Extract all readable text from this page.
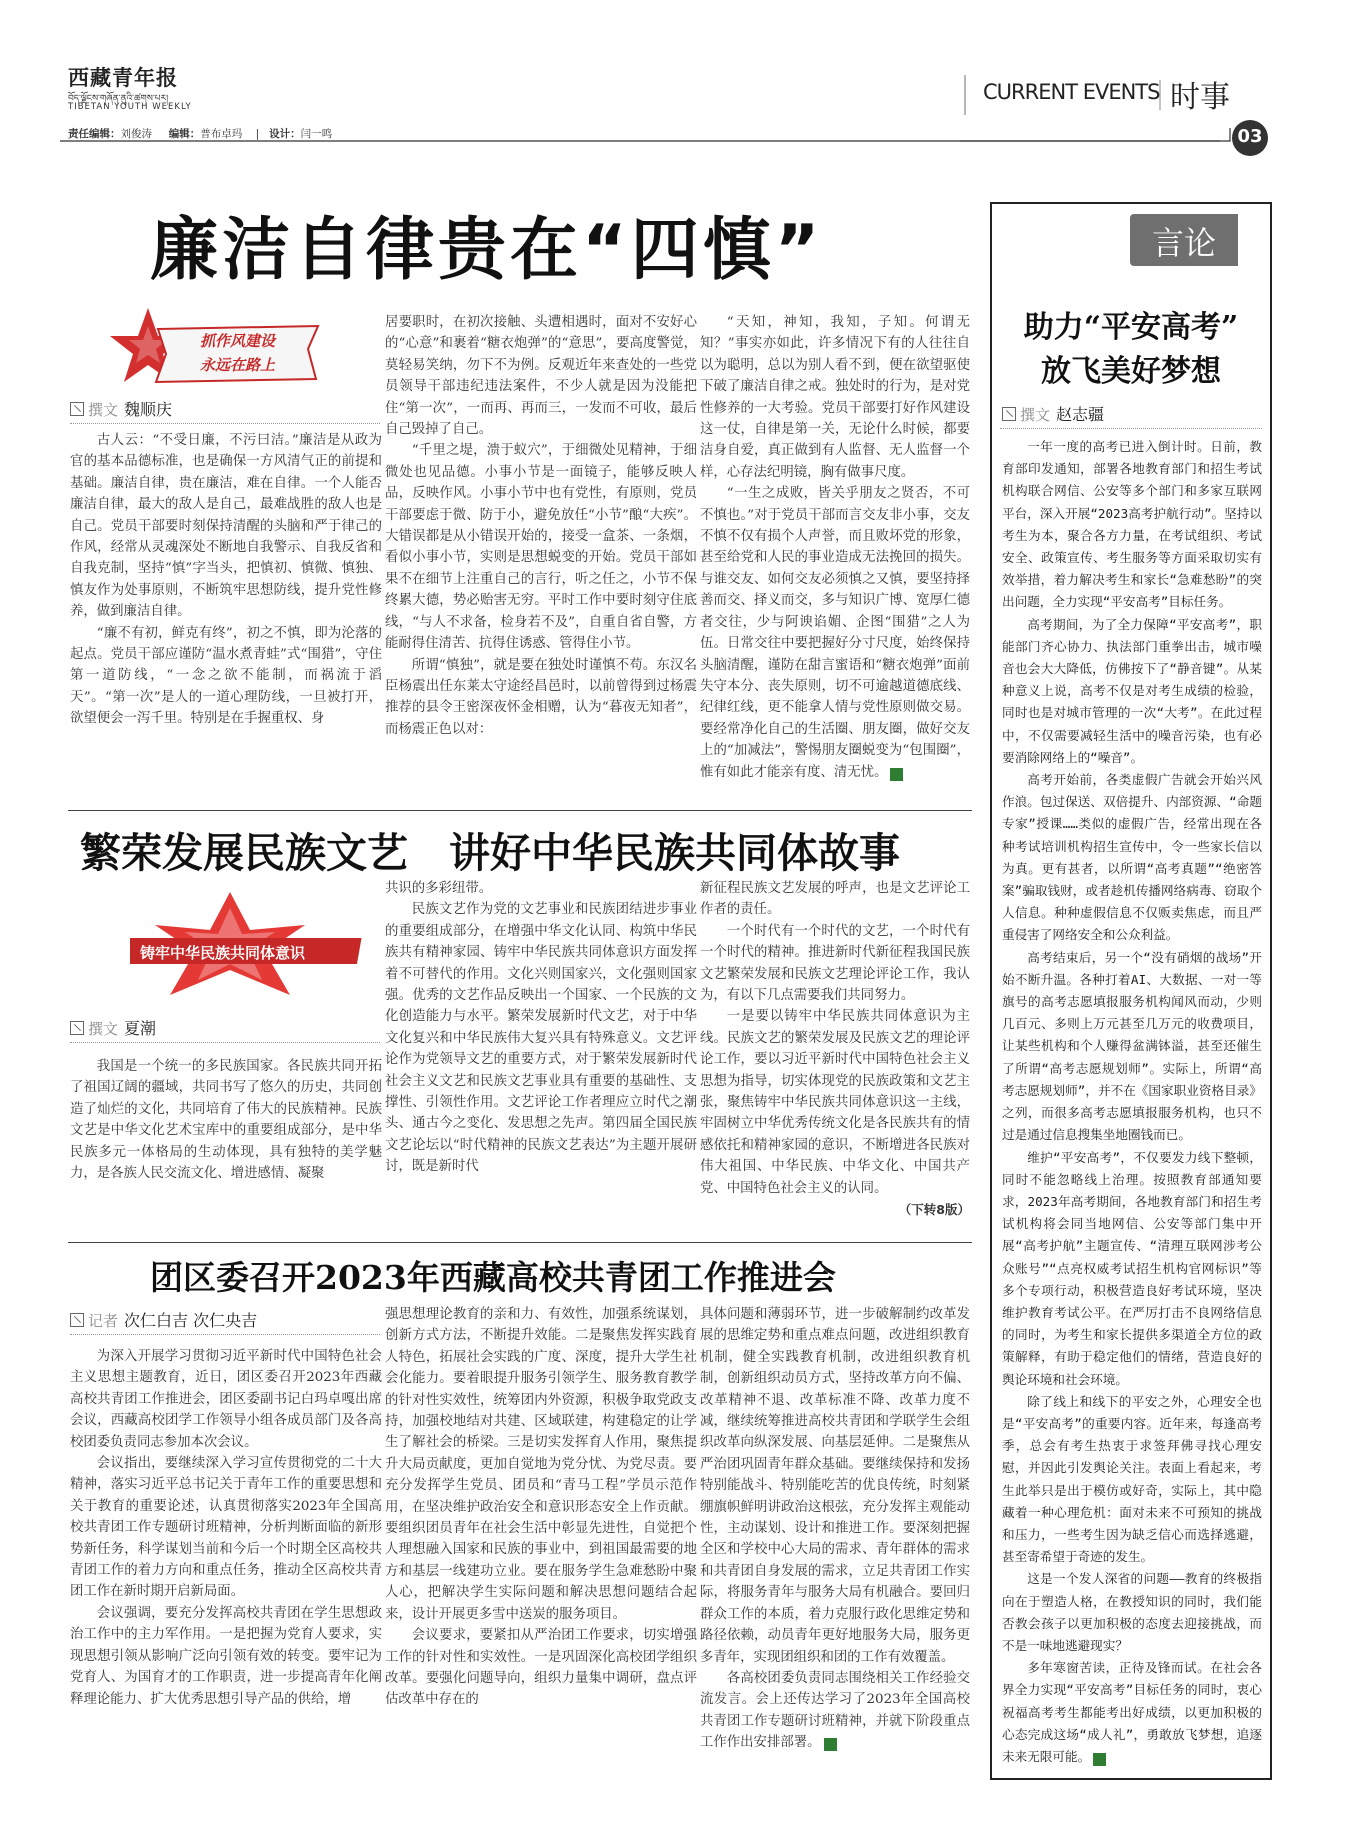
西藏青年报
བོད་ལྗོངས་གཞོན་ནུའི་ཚགས་པར།
TIBETAN YOUTH WEEKLY
责任编辑：刘俊涛 编辑：普布卓玛 | 设计：闫一鸣
CURRENT EVENTS 时事
03
廉洁自律贵在“四慎”
抓作风建设
永远在路上
撰文 魏顺庆

古人云：“不受日廉，不污曰洁。”廉洁是从政为官的基本品德标准，也是确保一方风清气正的前提和基础。廉洁自律，贵在廉洁，难在自律。一个人能否廉洁自律，最大的敌人是自己，最难战胜的敌人也是自己。党员干部要时刻保持清醒的头脑和严于律己的作风，经常从灵魂深处不断地自我警示、自我反省和自我克制，坚持“慎”字当头，把慎初、慎微、慎独、慎友作为处事原则，不断筑牢思想防线，提升党性修养，做到廉洁自律。

“廉不有初，鲜克有终”，初之不慎，即为沦落的起点。党员干部应谨防“温水煮青蛙”式“围猎”，守住第一道防线，“一念之欲不能制，而祸流于滔天”。“第一次”是人的一道心理防线，一旦被打开，欲望便会一泻千里。特别是在手握重权、身

居要职时，在初次接触、头遭相遇时，面对不安好心的“心意”和裹着“糖衣炮弹”的“意思”，要高度警觉，莫轻易笑纳，勿下不为例。反观近年来查处的一些党员领导干部违纪违法案件，不少人就是因为没能把住“第一次”，一而再、再而三，一发而不可收，最后自己毁掉了自己。

“千里之堤，溃于蚁穴”，于细微处见精神，于细微处也见品德。小事小节是一面镜子，能够反映人品，反映作风。小事小节中也有党性，有原则，党员干部要虑于微、防于小，避免放任“小节”酿“大疾”。大错误都是从小错误开始的，接受一盒茶、一条烟，看似小事小节，实则是思想蜕变的开始。党员干部如果不在细节上注重自己的言行，听之任之，小节不保终累大德，势必贻害无穷。平时工作中要时刻守住底线，“与人不求备，检身若不及”，自重自省自警，方能耐得住清苦、抗得住诱惑、管得住小节。

所谓“慎独”，就是要在独处时谨慎不苟。东汉名臣杨震出任东莱太守途经昌邑时，以前曾得到过杨震推荐的县令王密深夜怀金相赠，认为“暮夜无知者”，而杨震正色以对：

“天知，神知，我知，子知。何谓无知？”事实亦如此，许多情况下有的人往往自以为聪明，总以为别人看不到，便在欲望驱使下破了廉洁自律之戒。独处时的行为，是对党性修养的一大考验。党员干部要打好作风建设这一仗，自律是第一关，无论什么时候，都要洁身自爱，真正做到有人监督、无人监督一个样，心存法纪明镜，胸有做事尺度。

“一生之成败，皆关乎朋友之贤否，不可不慎也。”对于党员干部而言交友非小事，交友不慎不仅有损个人声誉，而且败坏党的形象，甚至给党和人民的事业造成无法挽回的损失。与谁交友、如何交友必须慎之又慎，要坚持择善而交、择义而交，多与知识广博、宽厚仁德者交往，少与阿谀谄媚、企图“围猎”之人为伍。日常交往中要把握好分寸尺度，始终保持头脑清醒，谨防在甜言蜜语和“糖衣炮弹”面前失守本分、丧失原则，切不可逾越道德底线、纪律红线，更不能拿人情与党性原则做交易。要经常净化自己的生活圈、朋友圈，做好交友上的“加减法”，警惕朋友圈蜕变为“包围圈”，惟有如此才能亲有度、清无忧。	青

繁荣发展民族文艺　讲好中华民族共同体故事
铸牢中华民族共同体意识
撰文 夏潮

我国是一个统一的多民族国家。各民族共同开拓了祖国辽阔的疆域，共同书写了悠久的历史，共同创造了灿烂的文化，共同培育了伟大的民族精神。民族文艺是中华文化艺术宝库中的重要组成部分，是中华民族多元一体格局的生动体现，具有独特的美学魅力，是各族人民交流文化、增进感情、凝聚

共识的多彩纽带。

民族文艺作为党的文艺事业和民族团结进步事业的重要组成部分，在增强中华文化认同、构筑中华民族共有精神家园、铸牢中华民族共同体意识方面发挥着不可替代的作用。文化兴则国家兴，文化强则国家强。优秀的文艺作品反映出一个国家、一个民族的文化创造能力与水平。繁荣发展新时代文艺，对于中华文化复兴和中华民族伟大复兴具有特殊意义。文艺评论作为党领导文艺的重要方式，对于繁荣发展新时代社会主义文艺和民族文艺事业具有重要的基础性、支撑性、引领性作用。文艺评论工作者理应立时代之潮头、通古今之变化、发思想之先声。第四届全国民族文艺论坛以“时代精神的民族文艺表达”为主题开展研讨，既是新时代

新征程民族文艺发展的呼声，也是文艺评论工作者的责任。

一个时代有一个时代的文艺，一个时代有一个时代的精神。推进新时代新征程我国民族文艺繁荣发展和民族文艺理论评论工作，我认为，有以下几点需要我们共同努力。

一是要以铸牢中华民族共同体意识为主线。民族文艺的繁荣发展及民族文艺的理论评论工作，要以习近平新时代中国特色社会主义思想为指导，切实体现党的民族政策和文艺主张，聚焦铸牢中华民族共同体意识这一主线，牢固树立中华优秀传统文化是各民族共有的情感依托和精神家园的意识，不断增进各民族对伟大祖国、中华民族、中华文化、中国共产党、中国特色社会主义的认同。

（下转8版）
团区委召开2023年西藏高校共青团工作推进会
记者 次仁白吉 次仁央吉

为深入开展学习贯彻习近平新时代中国特色社会主义思想主题教育，近日，团区委召开2023年西藏高校共青团工作推进会，团区委副书记白玛卓嘎出席会议，西藏高校团学工作领导小组各成员部门及各高校团委负责同志参加本次会议。

会议指出，要继续深入学习宣传贯彻党的二十大精神，落实习近平总书记关于青年工作的重要思想和关于教育的重要论述，认真贯彻落实2023年全国高校共青团工作专题研讨班精神，分析判断面临的新形势新任务，科学谋划当前和今后一个时期全区高校共青团工作的着力方向和重点任务，推动全区高校共青团工作在新时期开启新局面。

会议强调，要充分发挥高校共青团在学生思想政治工作中的主力军作用。一是把握为党育人要求，实现思想引领从影响广泛向引领有效的转变。要牢记为党育人、为国育才的工作职责，进一步提高青年化阐释理论能力、扩大优秀思想引导产品的供给，增

强思想理论教育的亲和力、有效性，加强系统谋划，创新方式方法，不断提升效能。二是聚焦发挥实践育人特色，拓展社会实践的广度、深度，提升大学生社会化能力。要着眼提升服务引领学生、服务教育教学的针对性实效性，统筹团内外资源，积极争取党政支持，加强校地结对共建、区域联建，构建稳定的让学生了解社会的桥梁。三是切实发挥育人作用，聚焦提升大局贡献度，更加自觉地为党分忧、为党尽责。要充分发挥学生党员、团员和“青马工程”学员示范作用，在坚决维护政治安全和意识形态安全上作贡献。要组织团员青年在社会生活中彰显先进性，自觉把个人理想融入国家和民族的事业中，到祖国最需要的地方和基层一线建功立业。要在服务学生急难愁盼中聚人心，把解决学生实际问题和解决思想问题结合起来，设计开展更多雪中送炭的服务项目。

会议要求，要紧扣从严治团工作要求，切实增强工作的针对性和实效性。一是巩固深化高校团学组织改革。要强化问题导向，组织力量集中调研，盘点评估改革中存在的

具体问题和薄弱环节，进一步破解制约改革发展的思维定势和重点难点问题，改进组织教育机制，健全实践教育机制，改进组织教育机制，创新组织动员方式，坚持改革方向不偏、改革精神不退、改革标准不降、改革力度不减，继续统筹推进高校共青团和学联学生会组织改革向纵深发展、向基层延伸。二是聚焦从严治团巩固青年群众基础。要继续保持和发扬特别能战斗、特别能吃苦的优良传统，时刻紧绷旗帜鲜明讲政治这根弦，充分发挥主观能动性，主动谋划、设计和推进工作。要深刻把握全区和学校中心大局的需求、青年群体的需求和共青团自身发展的需求，立足共青团工作实际，将服务青年与服务大局有机融合。要回归群众工作的本质，着力克服行政化思维定势和路径依赖，动员青年更好地服务大局，服务更多青年，实现团组织和团的工作有效覆盖。

各高校团委负责同志围绕相关工作经验交流发言。会上还传达学习了2023年全国高校共青团工作专题研讨班精神，并就下阶段重点工作作出安排部署。	青

言论
助力“平安高考”
放飞美好梦想
撰文 赵志疆

一年一度的高考已进入倒计时。日前，教育部印发通知，部署各地教育部门和招生考试机构联合网信、公安等多个部门和多家互联网平台，深入开展“2023高考护航行动”。坚持以考生为本，聚合各方力量，在考试组织、考试安全、政策宣传、考生服务等方面采取切实有效举措，着力解决考生和家长“急难愁盼”的突出问题，全力实现“平安高考”目标任务。

高考期间，为了全力保障“平安高考”，职能部门齐心协力、执法部门重拳出击，城市噪音也会大大降低，仿佛按下了“静音键”。从某种意义上说，高考不仅是对考生成绩的检验，同时也是对城市管理的一次“大考”。在此过程中，不仅需要减轻生活中的噪音污染，也有必要消除网络上的“噪音”。

高考开始前，各类虚假广告就会开始兴风作浪。包过保送、双倍提升、内部资源、“命题专家”授课……类似的虚假广告，经常出现在各种考试培训机构招生宣传中，令一些家长信以为真。更有甚者，以所谓“高考真题”“绝密答案”骗取钱财，或者趁机传播网络病毒、窃取个人信息。种种虚假信息不仅贩卖焦虑，而且严重侵害了网络安全和公众利益。

高考结束后，另一个“没有硝烟的战场”开始不断升温。各种打着AI、大数据、一对一等旗号的高考志愿填报服务机构闻风而动，少则几百元、多则上万元甚至几万元的收费项目，让某些机构和个人赚得盆满钵溢，甚至还催生了所谓“高考志愿规划师”。实际上，所谓“高考志愿规划师”，并不在《国家职业资格目录》之列，而很多高考志愿填报服务机构，也只不过是通过信息搜集坐地圈钱而已。

维护“平安高考”，不仅要发力线下整顿，同时不能忽略线上治理。按照教育部通知要求，2023年高考期间，各地教育部门和招生考试机构将会同当地网信、公安等部门集中开展“高考护航”主题宣传、“清理互联网涉考公众账号”“点亮权威考试招生机构官网标识”等多个专项行动，积极营造良好考试环境，坚决维护教育考试公平。在严厉打击不良网络信息的同时，为考生和家长提供多渠道全方位的政策解释，有助于稳定他们的情绪，营造良好的舆论环境和社会环境。

除了线上和线下的平安之外，心理安全也是“平安高考”的重要内容。近年来，每逢高考季，总会有考生热衷于求签拜佛寻找心理安慰，并因此引发舆论关注。表面上看起来，考生此举只是出于模仿或好奇，实际上，其中隐藏着一种心理危机：面对未来不可预知的挑战和压力，一些考生因为缺乏信心而选择逃避，甚至寄希望于奇迹的发生。

这是一个发人深省的问题——教育的终极指向在于塑造人格，在教授知识的同时，我们能否教会孩子以更加积极的态度去迎接挑战，而不是一味地逃避现实？

多年寒窗苦读，正待及锋而试。在社会各界全力实现“平安高考”目标任务的同时，衷心祝福高考考生都能考出好成绩，以更加积极的心态完成这场“成人礼”，勇敢放飞梦想，追逐未来无限可能。	青
